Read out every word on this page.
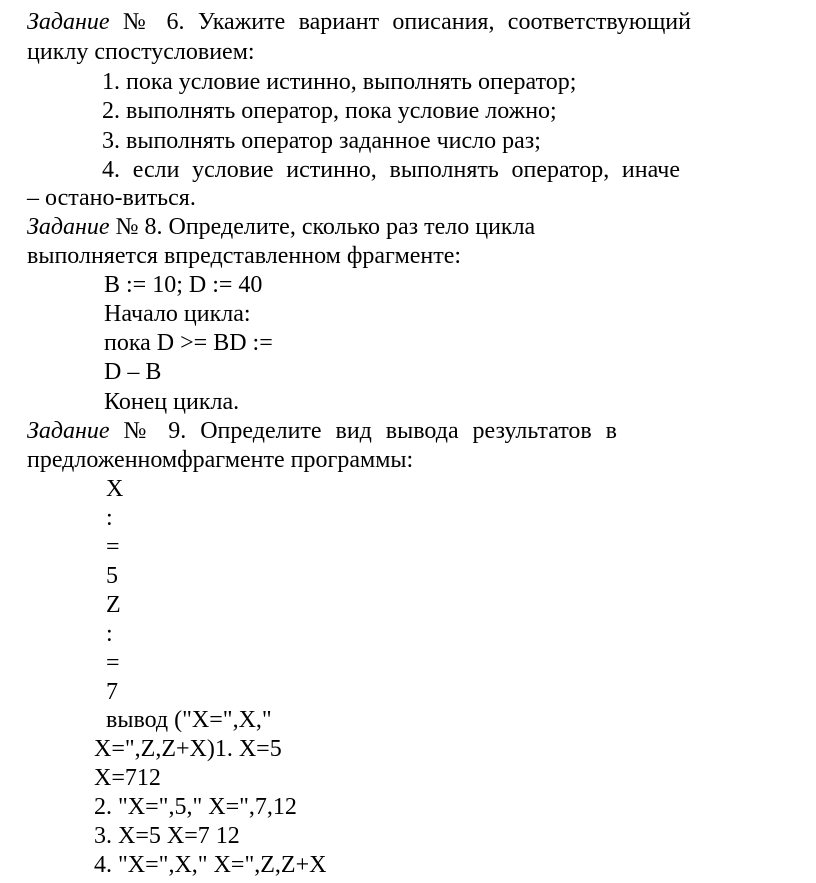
Задание № 6. Укажите вариант описания, соответствующий
циклу спостусловием:
1. пока условие истинно, выполнять оператор;
2. выполнять оператор, пока условие ложно;
3. выполнять оператор заданное число раз;
4. если условие истинно, выполнять оператор, иначе
– остано-виться.
Задание № 8. Определите, сколько раз тело цикла
выполняется впредставленном фрагменте:
B := 10; D := 40
Начало цикла:
пока D >= BD :=
D – B
Конец цикла.
Задание № 9. Определите вид вывода результатов в
предложенномфрагменте программы:
X
:
=
5
Z
:
=
7
вывод ("X=",X,"
X=",Z,Z+X)1. X=5
X=712
2. "X=",5," X=",7,12
3. X=5 X=7 12
4. "X=",X," X=",Z,Z+X
